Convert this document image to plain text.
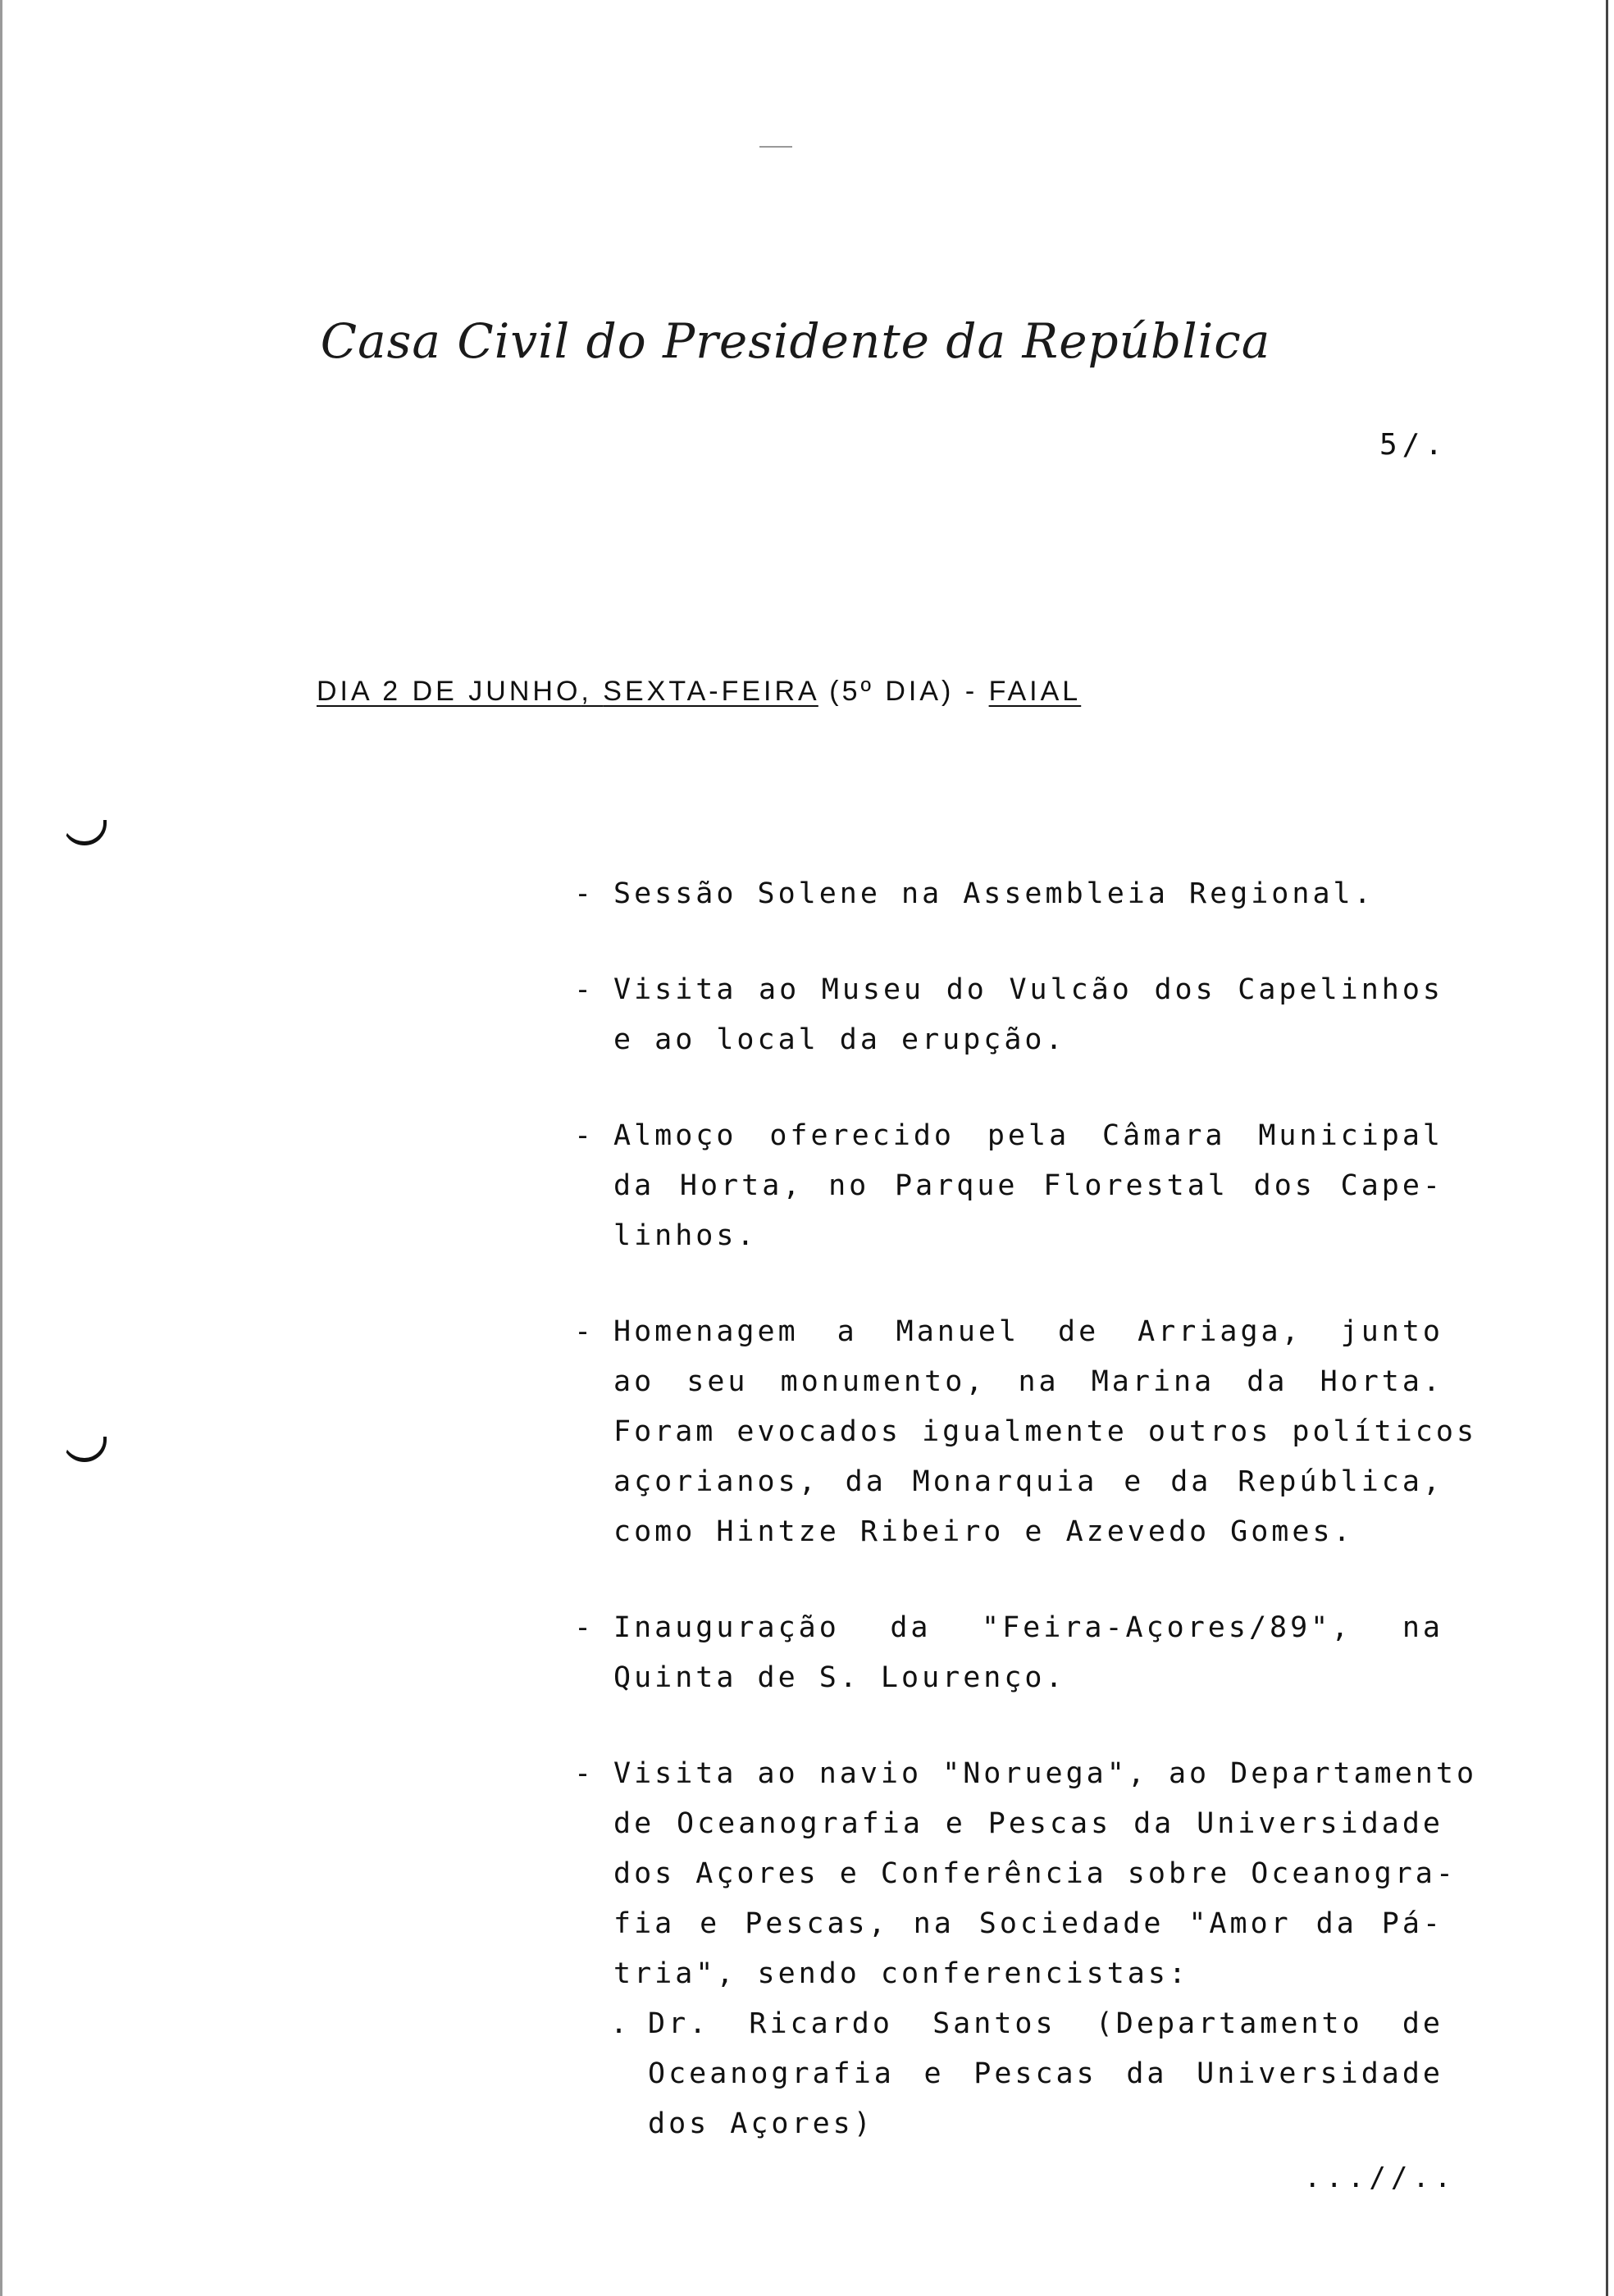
Casa Civil do Presidente da República
5/.
DIA 2 DE JUNHO, SEXTA-FEIRA (5º DIA) - FAIAL
- Sessão Solene na Assembleia Regional.
- Visita ao Museu do Vulcão dos Capelinhos
e ao local da erupção.
- Almoço oferecido pela Câmara Municipal
da Horta, no Parque Florestal dos Cape-
linhos.
- Homenagem a Manuel de Arriaga, junto
ao seu monumento, na Marina da Horta.
Foram evocados igualmente outros políticos
açorianos, da Monarquia e da República,
como Hintze Ribeiro e Azevedo Gomes.
- Inauguração da "Feira-Açores/89", na
Quinta de S. Lourenço.
- Visita ao navio "Noruega", ao Departamento
de Oceanografia e Pescas da Universidade
dos Açores e Conferência sobre Oceanogra-
fia e Pescas, na Sociedade "Amor da Pá-
tria", sendo conferencistas:
. Dr. Ricardo Santos (Departamento de
Oceanografia e Pescas da Universidade
dos Açores)
...//..
